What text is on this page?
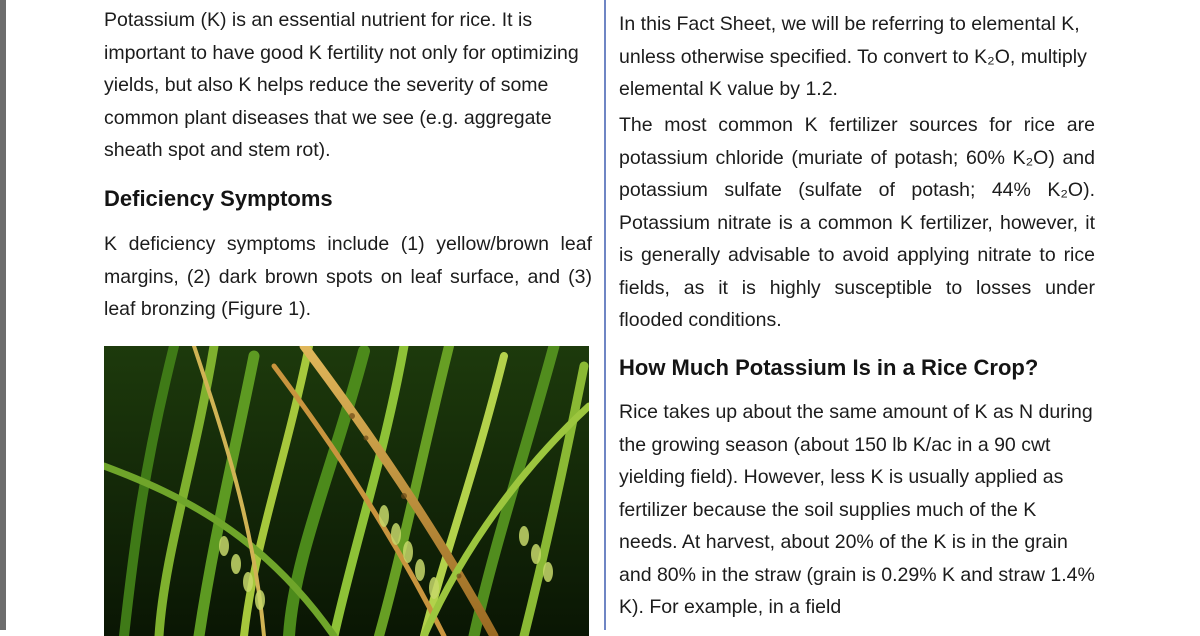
Potassium (K) is an essential nutrient for rice. It is important to have good K fertility not only for optimizing yields, but also K helps reduce the severity of some common plant diseases that we see (e.g. aggregate sheath spot and stem rot).

Deficiency Symptoms

K deficiency symptoms include (1) yellow/brown leaf margins, (2) dark brown spots on leaf surface, and (3) leaf bronzing (Figure 1).

In this Fact Sheet, we will be referring to elemental K, unless otherwise specified. To convert to K₂O, multiply elemental K value by 1.2.

The most common K fertilizer sources for rice are potassium chloride (muriate of potash; 60% K₂O) and potassium sulfate (sulfate of potash; 44% K₂O). Potassium nitrate is a common K fertilizer, however, it is generally advisable to avoid applying nitrate to rice fields, as it is highly susceptible to losses under flooded conditions.

How Much Potassium Is in a Rice Crop?

Rice takes up about the same amount of K as N during the growing season (about 150 lb K/ac in a 90 cwt yielding field). However, less K is usually applied as fertilizer because the soil supplies much of the K needs. At harvest, about 20% of the K is in the grain and 80% in the straw (grain is 0.29% K and straw 1.4% K). For example, in a field
